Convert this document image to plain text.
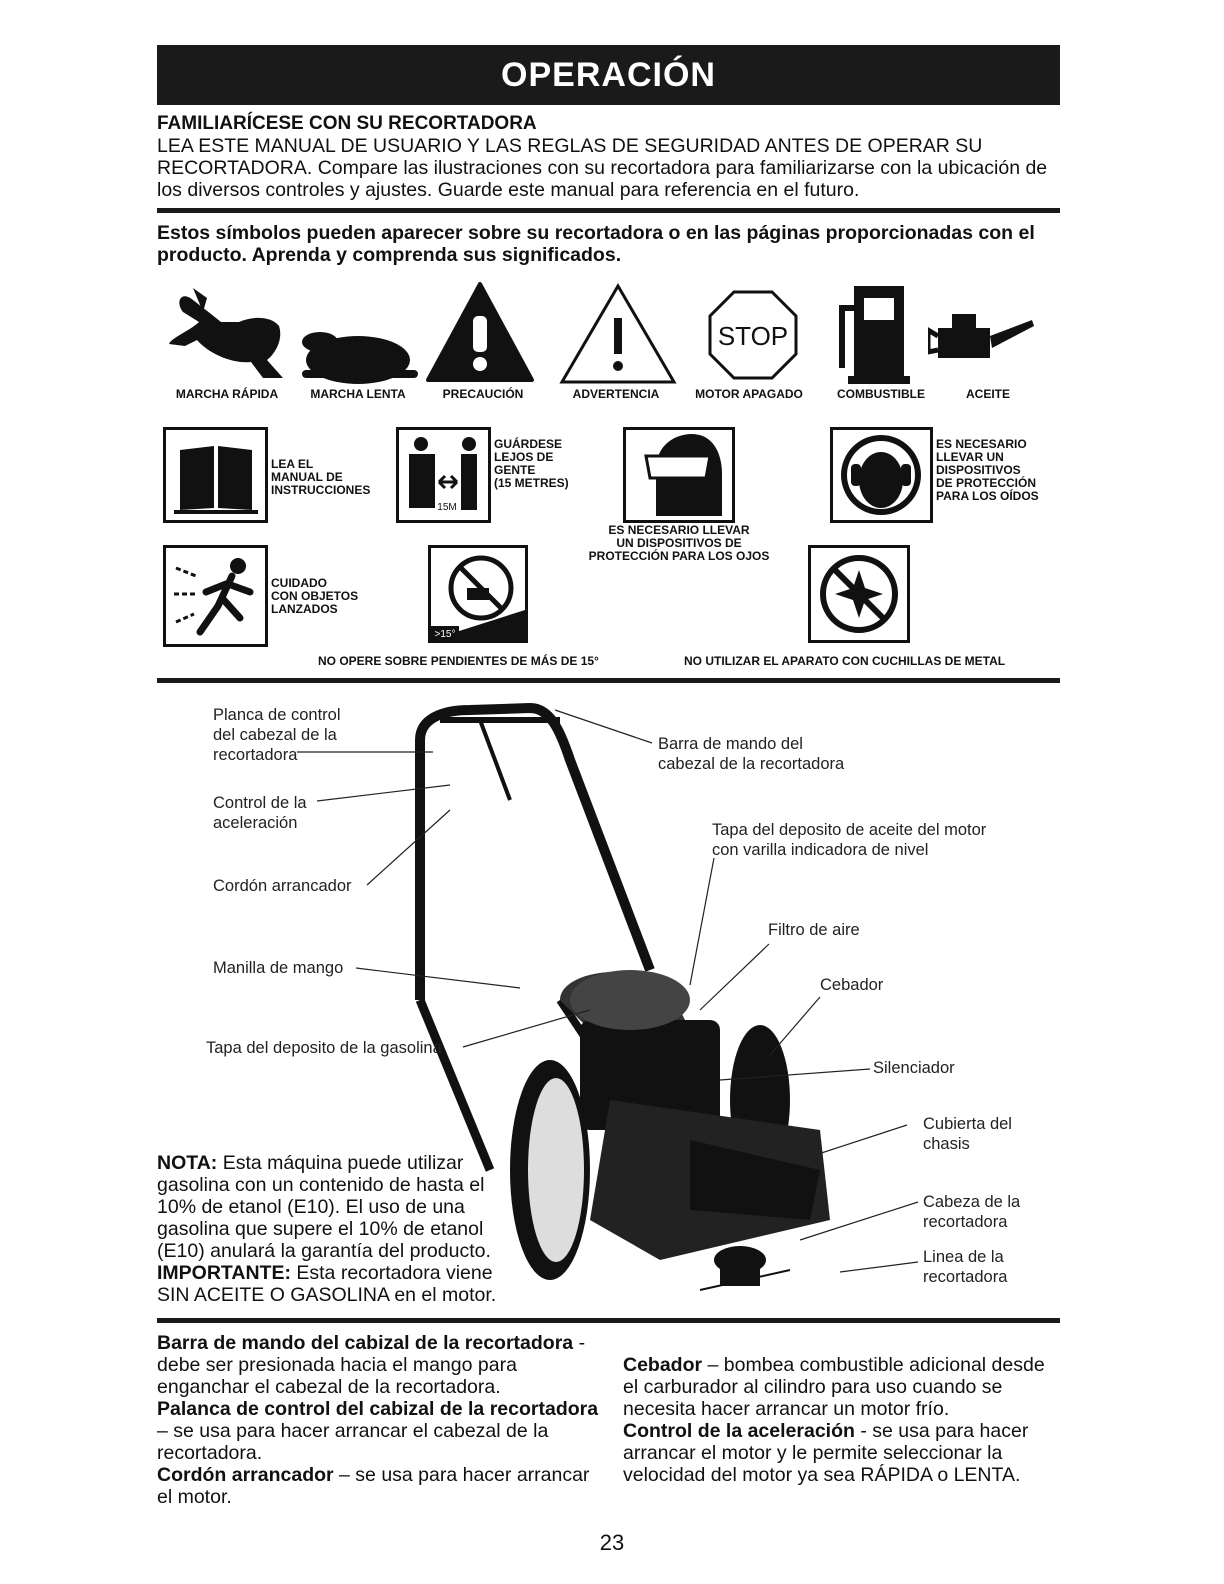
OPERACIÓN
FAMILIARÍCESE CON SU RECORTADORA
LEA ESTE MANUAL DE USUARIO Y LAS REGLAS DE SEGURIDAD ANTES DE OPERAR SU RECORTADORA. Compare las ilustraciones con su recortadora para familiarizarse con la ubicación de los diversos controles y ajustes. Guarde este manual para referencia en el futuro.
Estos símbolos pueden aparecer sobre su recortadora o en las páginas proporcionadas con el producto. Aprenda y comprenda sus significados.
STOP
MARCHA RÁPIDA	MARCHA LENTA	PRECAUCIÓN	ADVERTENCIA	MOTOR APAGADO	COMBUSTIBLE	ACEITE
LEA EL
MANUAL DE
INSTRUCCIONES
15M
GUÁRDESE
LEJOS DE
GENTE
(15 METRES)
ES NECESARIO LLEVAR
UN DISPOSITIVOS DE
PROTECCIÓN PARA LOS OJOS
ES NECESARIO
LLEVAR UN
DISPOSITIVOS
DE PROTECCIÓN
PARA LOS OÍDOS
CUIDADO
CON OBJETOS
LANZADOS
>15°
NO OPERE SOBRE PENDIENTES DE MÁS DE 15°	NO UTILIZAR EL APARATO CON CUCHILLAS DE METAL
Planca de control
del cabezal de la
recortadora
Control de la
aceleración
Cordón arrancador
Manilla de mango
Tapa del deposito de la gasolina
Barra de mando del
cabezal de la recortadora
Tapa del deposito de aceite del motor
con varilla indicadora de nivel
Filtro de aire
Cebador
Silenciador
Cubierta del
chasis
Cabeza de la
recortadora
Linea de la
recortadora
NOTA: Esta máquina puede utilizar gasolina con un contenido de hasta el 10% de etanol (E10). El uso de una gasolina que supere el 10% de etanol (E10) anulará la garantía del producto. IMPORTANTE: Esta recortadora viene SIN ACEITE O GASOLINA en el motor.
Barra de mando del cabizal de la recortadora - debe ser presionada hacia el mango para enganchar el cabezal de la recortadora.
Palanca de control del cabizal de la recortadora – se usa para hacer arrancar el cabezal de la recortadora.
Cordón arrancador – se usa para hacer arrancar el motor.
Cebador – bombea combustible adicional desde el carburador al cilindro para uso cuando se necesita hacer arrancar un motor frío.
Control de la aceleración - se usa para hacer arrancar el motor y le permite seleccionar la velocidad del motor ya sea RÁPIDA o LENTA.
23
